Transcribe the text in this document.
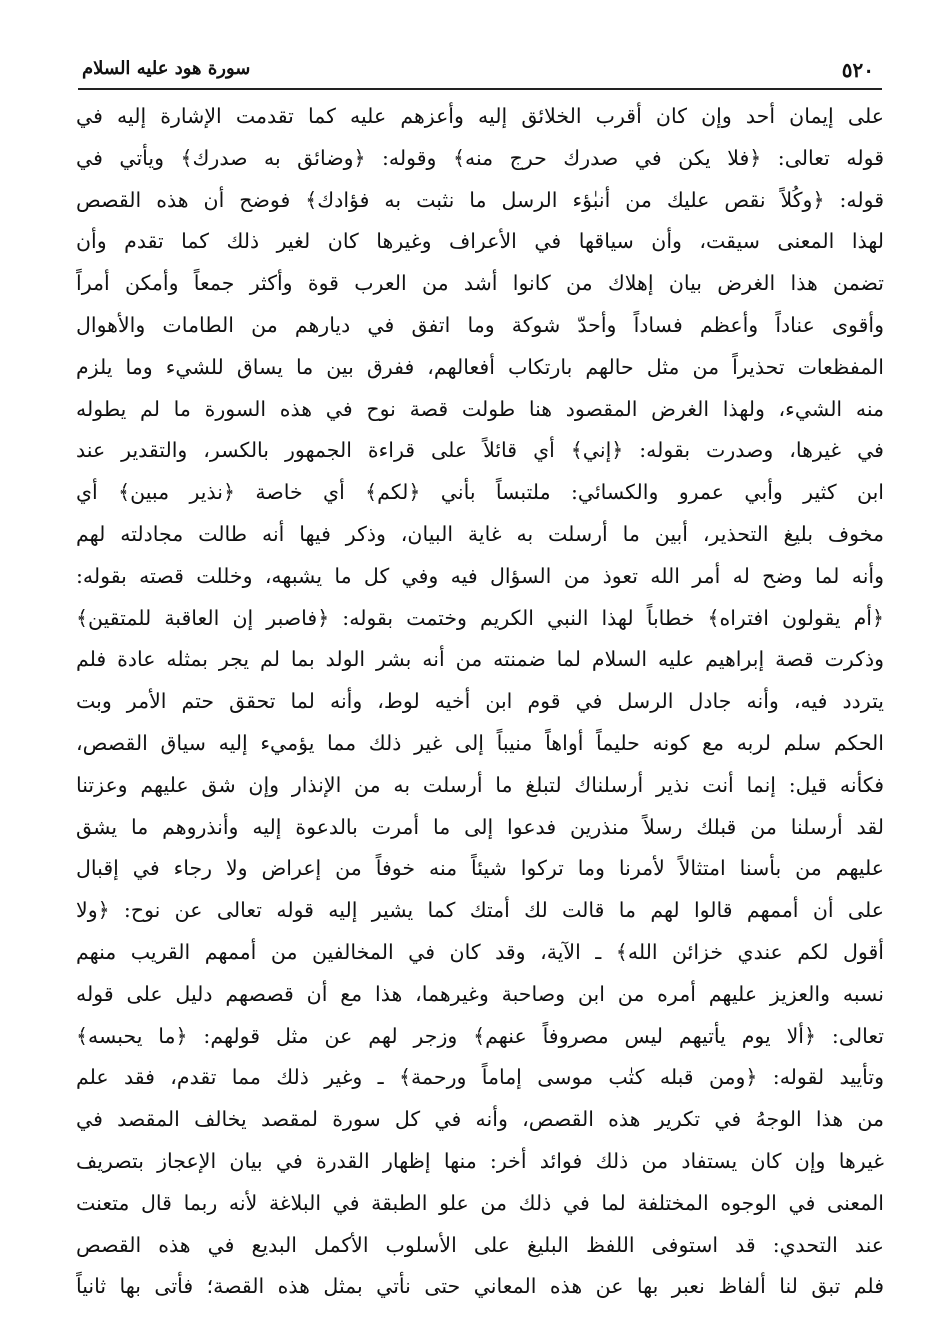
٥٢٠
سورة هود عليه السلام
على إيمان أحد وإن كان أقرب الخلائق إليه وأعزهم عليه كما تقدمت الإشارة إليه في
قوله تعالى: ﴿فلا يكن في صدرك حرج منه﴾ وقوله: ﴿وضائق به صدرك﴾ ويأتي في
قوله: ﴿وكُلاً نقص عليك من أنبٰؤء الرسل ما نثبت به فؤادك﴾ فوضح أن هذه القصص
لهذا المعنى سيقت، وأن سياقها في الأعراف وغيرها كان لغير ذلك كما تقدم وأن
تضمن هذا الغرض بيان إهلاك من كانوا أشد من العرب قوة وأكثر جمعاً وأمكن أمراً
وأقوى عناداً وأعظم فساداً وأحدّ شوكة وما اتفق في ديارهم من الطامات والأهوال
المفظعات تحذيراً من مثل حالهم بارتكاب أفعالهم، ففرق بين ما يساق للشيء وما يلزم
منه الشيء، ولهذا الغرض المقصود هنا طولت قصة نوح في هذه السورة ما لم يطوله
في غيرها، وصدرت بقوله: ﴿إني﴾ أي قائلاً على قراءة الجمهور بالكسر، والتقدير عند
ابن كثير وأبي عمرو والكسائي: ملتبساً بأني ﴿لكم﴾ أي خاصة ﴿نذير مبين﴾ أي
مخوف بليغ التحذير، أبين ما أرسلت به غاية البيان، وذكر فيها أنه طالت مجادلته لهم
وأنه لما وضح له أمر الله تعوذ من السؤال فيه وفي كل ما يشبهه، وخللت قصته بقوله:
﴿أم يقولون افتراه﴾ خطاباً لهذا النبي الكريم وختمت بقوله: ﴿فاصبر إن العاقبة للمتقين﴾
وذكرت قصة إبراهيم عليه السلام لما ضمنته من أنه بشر الولد بما لم يجر بمثله عادة فلم
يتردد فيه، وأنه جادل الرسل في قوم ابن أخيه لوط، وأنه لما تحقق حتم الأمر وبت
الحكم سلم لربه مع كونه حليماً أواهاً منيباً إلى غير ذلك مما يؤميء إليه سياق القصص،
فكأنه قيل: إنما أنت نذير أرسلناك لتبلغ ما أرسلت به من الإنذار وإن شق عليهم وعزتنا
لقد أرسلنا من قبلك رسلاً منذرين فدعوا إلى ما أمرت بالدعوة إليه وأنذروهم ما يشق
عليهم من بأسنا امتثالاً لأمرنا وما تركوا شيئاً منه خوفاً من إعراض ولا رجاء في إقبال
على أن أممهم قالوا لهم ما قالت لك أمتك كما يشير إليه قوله تعالى عن نوح: ﴿ولا
أقول لكم عندي خزائن الله﴾ ـ الآية، وقد كان في المخالفين من أممهم القريب منهم
نسبه والعزيز عليهم أمره من ابن وصاحبة وغيرهما، هذا مع أن قصصهم دليل على قوله
تعالى: ﴿ألا يوم يأتيهم ليس مصروفاً عنهم﴾ وزجر لهم عن مثل قولهم: ﴿ما يحبسه﴾
وتأييد لقوله: ﴿ومن قبله كتٰب موسى إماماً ورحمة﴾ ـ وغير ذلك مما تقدم، فقد علم
من هذا الوجهُ في تكرير هذه القصص، وأنه في كل سورة لمقصد يخالف المقصد في
غيرها وإن كان يستفاد من ذلك فوائد أخر: منها إظهار القدرة في بيان الإعجاز بتصريف
المعنى في الوجوه المختلفة لما في ذلك من علو الطبقة في البلاغة لأنه ربما قال متعنت
عند التحدي: قد استوفى اللفظ البليغ على الأسلوب الأكمل البديع في هذه القصص
فلم تبق لنا ألفاظ نعبر بها عن هذه المعاني حتى نأتي بمثل هذه القصة؛ فأتى بها ثانياً
